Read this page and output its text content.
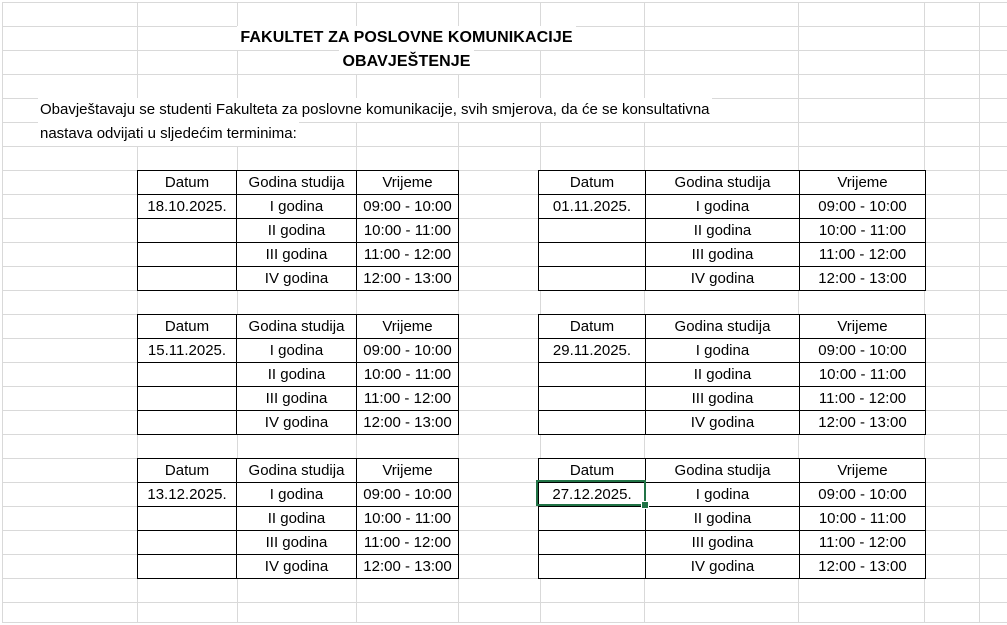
FAKULTET ZA POSLOVNE KOMUNIKACIJE
OBAVJEŠTENJE
Obavještavaju se studenti Fakulteta za poslovne komunikacije, svih smjerova, da će se konsultativna
nastava odvijati u sljedećim terminima:
Datum	Godina studija	Vrijeme
18.10.2025.	I godina	09:00 - 10:00
	II godina	10:00 - 11:00
	III godina	11:00 - 12:00
	IV godina	12:00 - 13:00
Datum	Godina studija	Vrijeme
01.11.2025.	I godina	09:00 - 10:00
	II godina	10:00 - 11:00
	III godina	11:00 - 12:00
	IV godina	12:00 - 13:00
Datum	Godina studija	Vrijeme
15.11.2025.	I godina	09:00 - 10:00
	II godina	10:00 - 11:00
	III godina	11:00 - 12:00
	IV godina	12:00 - 13:00
Datum	Godina studija	Vrijeme
29.11.2025.	I godina	09:00 - 10:00
	II godina	10:00 - 11:00
	III godina	11:00 - 12:00
	IV godina	12:00 - 13:00
Datum	Godina studija	Vrijeme
13.12.2025.	I godina	09:00 - 10:00
	II godina	10:00 - 11:00
	III godina	11:00 - 12:00
	IV godina	12:00 - 13:00
Datum	Godina studija	Vrijeme
27.12.2025.	I godina	09:00 - 10:00
	II godina	10:00 - 11:00
	III godina	11:00 - 12:00
	IV godina	12:00 - 13:00
